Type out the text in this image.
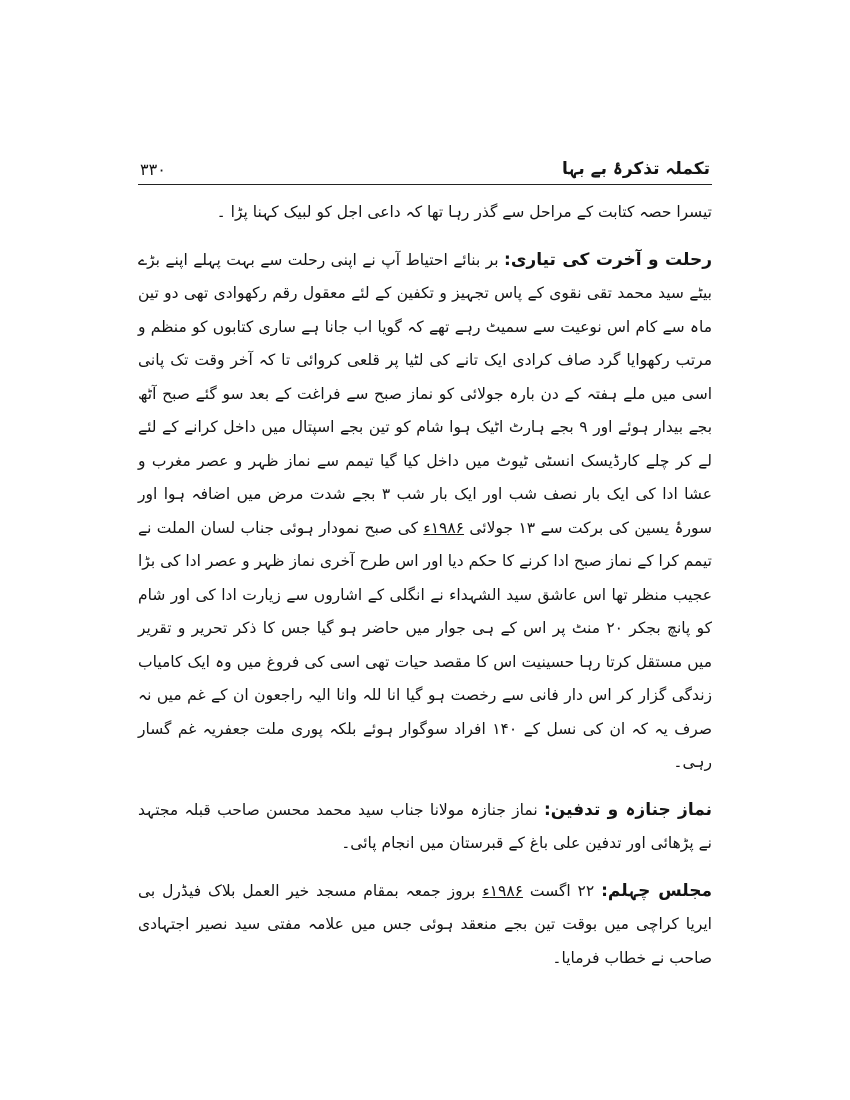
۳۳۰	تکملہ تذکرۂ بے بہا

تیسرا حصہ کتابت کے مراحل سے گذر رہا تھا کہ داعی اجل کو لبیک کہنا پڑا ۔

رحلت و آخرت کی تیاری: بر بنائے احتیاط آپ نے اپنی رحلت سے بہت پہلے اپنے بڑے بیٹے سید محمد تقی نقوی کے پاس تجہیز و تکفین کے لئے معقول رقم رکھوادی تھی دو تین ماہ سے کام اس نوعیت سے سمیٹ رہے تھے کہ گویا اب جانا ہے ساری کتابوں کو منظم و مرتب رکھوایا گرد صاف کرادی ایک تانے کی لٹیا پر قلعی کروائی تا کہ آخر وقت تک پانی اسی میں ملے ہفتہ کے دن بارہ جولائی کو نماز صبح سے فراغت کے بعد سو گئے صبح آٹھ بجے بیدار ہوئے اور ۹ بجے ہارٹ اٹیک ہوا شام کو تین بجے اسپتال میں داخل کرانے کے لئے لے کر چلے کارڈیسک انسٹی ٹیوٹ میں داخل کیا گیا تیمم سے نماز ظہر و عصر مغرب و عشا ادا کی ایک بار نصف شب اور ایک بار شب ۳ بجے شدت مرض میں اضافہ ہوا اور سورۂ یسین کی برکت سے ۱۳ جولائی ۱۹۸۶ء کی صبح نمودار ہوئی جناب لسان الملت نے تیمم کرا کے نماز صبح ادا کرنے کا حکم دیا اور اس طرح آخری نماز ظہر و عصر ادا کی بڑا عجیب منظر تھا اس عاشق سید الشہداء نے انگلی کے اشاروں سے زیارت ادا کی اور شام کو پانچ بجکر ۲۰ منٹ پر اس کے ہی جوار میں حاضر ہو گیا جس کا ذکر تحریر و تقریر میں مستقل کرتا رہا حسینیت اس کا مقصد حیات تھی اسی کی فروغ میں وہ ایک کامیاب زندگی گزار کر اس دار فانی سے رخصت ہو گیا انا للہ وانا الیہ راجعون ان کے غم میں نہ صرف یہ کہ ان کی نسل کے ۱۴۰ افراد سوگوار ہوئے بلکہ پوری ملت جعفریہ غم گسار رہی۔

نماز جنازہ و تدفین: نماز جنازہ مولانا جناب سید محمد محسن صاحب قبلہ مجتہد نے پڑھائی اور تدفین علی باغ کے قبرستان میں انجام پائی۔

مجلس چہلم: ۲۲ اگست ۱۹۸۶ء بروز جمعہ بمقام مسجد خیر العمل بلاک فیڈرل بی ایریا کراچی میں بوقت تین بجے منعقد ہوئی جس میں علامہ مفتی سید نصیر اجتہادی صاحب نے خطاب فرمایا۔
